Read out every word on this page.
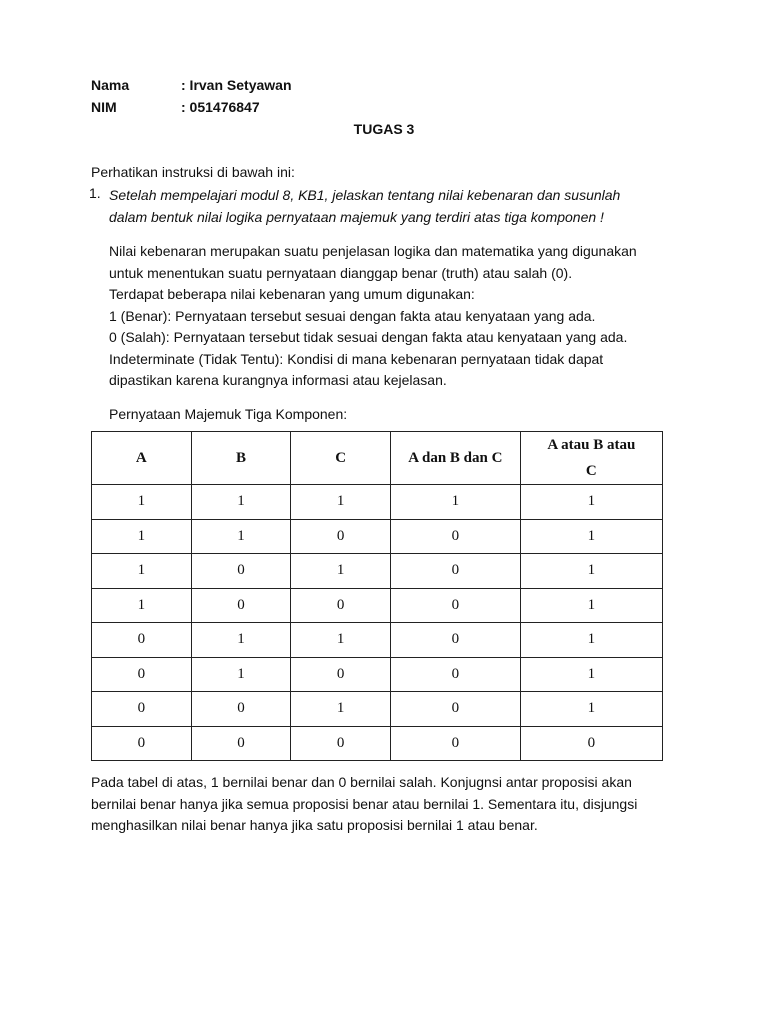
Nama	: Irvan Setyawan
NIM	: 051476847
TUGAS 3
Perhatikan instruksi di bawah ini:
1. Setelah mempelajari modul 8, KB1, jelaskan tentang nilai kebenaran dan susunlah
dalam bentuk nilai logika pernyataan majemuk yang terdiri atas tiga komponen !
Nilai kebenaran merupakan suatu penjelasan logika dan matematika yang digunakan
untuk menentukan suatu pernyataan dianggap benar (truth) atau salah (0).
Terdapat beberapa nilai kebenaran yang umum digunakan:
1 (Benar): Pernyataan tersebut sesuai dengan fakta atau kenyataan yang ada.
0 (Salah): Pernyataan tersebut tidak sesuai dengan fakta atau kenyataan yang ada.
Indeterminate (Tidak Tentu): Kondisi di mana kebenaran pernyataan tidak dapat
dipastikan karena kurangnya informasi atau kejelasan.
Pernyataan Majemuk Tiga Komponen:
A	B	C	A dan B dan C	A atau B atau C
1	1	1	1	1
1	1	0	0	1
1	0	1	0	1
1	0	0	0	1
0	1	1	0	1
0	1	0	0	1
0	0	1	0	1
0	0	0	0	0
Pada tabel di atas, 1 bernilai benar dan 0 bernilai salah. Konjugnsi antar proposisi akan
bernilai benar hanya jika semua proposisi benar atau bernilai 1. Sementara itu, disjungsi
menghasilkan nilai benar hanya jika satu proposisi bernilai 1 atau benar.
